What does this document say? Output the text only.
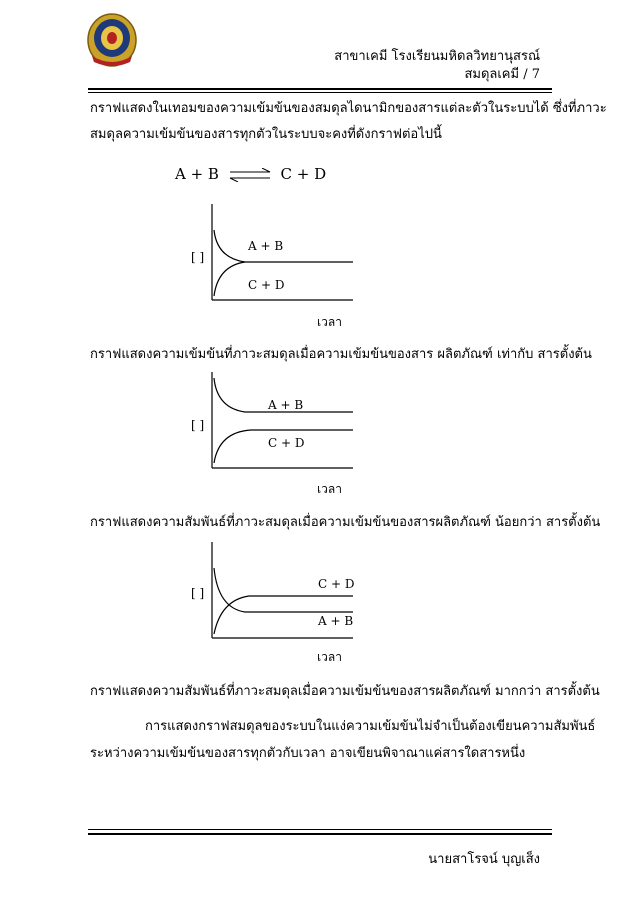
สาขาเคมี โรงเรียนมหิดลวิทยานุสรณ์
สมดุลเคมี / 7
กราฟแสดงในเทอมของความเข้มข้นของสมดุลไดนามิกของสารแต่ละตัวในระบบได้ ซึ่งที่ภาวะ
สมดุลความเข้มข้นของสารทุกตัวในระบบจะคงที่ดังกราฟต่อไปนี้
A + B ⇌ C + D
[ ]
A + B
C + D
เวลา
กราฟแสดงความเข้มข้นที่ภาวะสมดุลเมื่อความเข้มข้นของสาร ผลิตภัณฑ์ เท่ากับ สารตั้งต้น
[ ]
A + B
C + D
เวลา
กราฟแสดงความสัมพันธ์ที่ภาวะสมดุลเมื่อความเข้มข้นของสารผลิตภัณฑ์ น้อยกว่า สารตั้งต้น
[ ]
C + D
A + B
เวลา
กราฟแสดงความสัมพันธ์ที่ภาวะสมดุลเมื่อความเข้มข้นของสารผลิตภัณฑ์ มากกว่า สารตั้งต้น
การแสดงกราฟสมดุลของระบบในแง่ความเข้มข้นไม่จำเป็นต้องเขียนความสัมพันธ์
ระหว่างความเข้มข้นของสารทุกตัวกับเวลา อาจเขียนพิจาณาแค่สารใดสารหนึ่ง
นายสาโรจน์ บุญเส็ง
